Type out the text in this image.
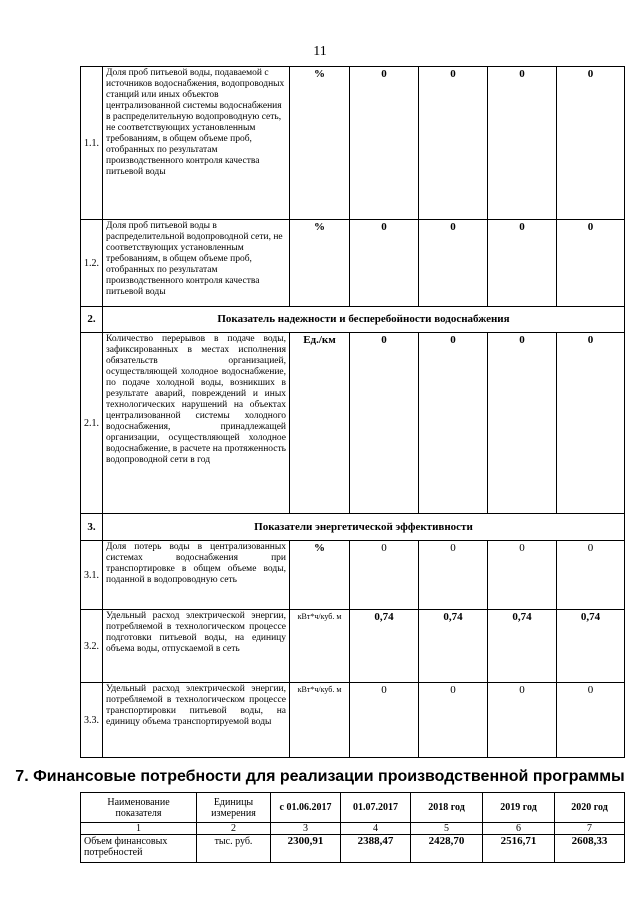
11
1.1.	Доля проб питьевой воды, подаваемой с источников водоснабжения, водопроводных станций или иных объектов централизованной системы водоснабжения в распределительную водопроводную сеть, не соответствующих установленным требованиям, в общем объеме проб, отобранных по результатам производственного контроля качества питьевой воды	%	0	0	0	0
1.2.	Доля проб питьевой воды в распределительной водопроводной сети, не соответствующих установленным требованиям, в общем объеме проб, отобранных по результатам производственного контроля качества питьевой воды	%	0	0	0	0
2.	Показатель надежности и бесперебойности водоснабжения					
2.1.	Количество перерывов в подаче воды, зафиксированных в местах исполнения обязательств организацией, осуществляющей холодное водоснабжение, по подаче холодной воды, возникших в результате аварий, повреждений и иных технологических нарушений на объектах централизованной системы холодного водоснабжения, принадлежащей организации, осуществляющей холодное водоснабжение, в расчете на протяженность водопроводной сети в год	Ед./км	0	0	0	0
3.	Показатели энергетической эффективности					
3.1.	Доля потерь воды в централизованных системах водоснабжения при транспортировке в общем объеме воды, поданной в водопроводную сеть	%	0	0	0	0
3.2.	Удельный расход электрической энергии, потребляемой в технологическом процессе подготовки питьевой воды, на единицу объема воды, отпускаемой в сеть	кВт*ч/куб. м	0,74	0,74	0,74	0,74
3.3.	Удельный расход электрической энергии, потребляемой в технологическом процессе транспортировки питьевой воды, на единицу объема транспортируемой воды	кВт*ч/куб. м	0	0	0	0
7. Финансовые потребности для реализации производственной программы
Наименование показателя	Единицы измерения	с 01.06.2017	01.07.2017	2018 год	2019 год	2020 год
1	2	3	4	5	6	7
Объем финансовых потребностей	тыс. руб.	2300,91	2388,47	2428,70	2516,71	2608,33
